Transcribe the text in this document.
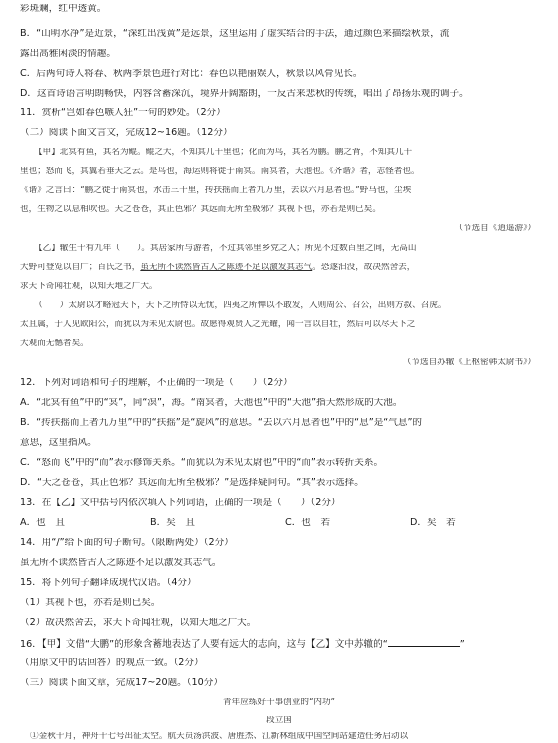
彩斑斓，红中透黄。
B．“山明水净”是近景，“深红出浅黄”是远景，这里运用了虚实结合的手法，通过颜色来描绘秋景，流
露出高雅闲淡的情趣。
C．后两句诗人将春、秋两季景色进行对比：春色以艳丽娱人，秋景以风骨见长。
D．这首诗语言明朗畅快，内容含蓄深沉，境界开阔豁朗，一反古来悲秋的传统，唱出了昂扬乐观的调子。
11．赏析“岂如春色嗾人狂”一句的妙处。（2分）
（二）阅读下面文言文，完成12~16题。（12分）
【甲】北冥有鱼，其名为鲲。鲲之大，不知其几千里也；化而为鸟，其名为鹏。鹏之背，不知其几千
里也；怒而飞，其翼若垂天之云。是鸟也，海运则将徙于南冥。南冥者，天池也。《齐谐》者，志怪者也。
《谐》之言曰：“鹏之徙于南冥也，水击三千里，抟扶摇而上者九万里，去以六月息者也。”野马也，尘埃
也，生物之以息相吹也。天之苍苍，其正色邪？其远而无所至极邪？其视下也，亦若是则已矣。
（节选自《逍遥游》）
【乙】辙生十有九年（　　）。其居家所与游者，不过其邻里乡党之人；所见不过数百里之间，无高山
大野可登览以自广；百氏之书，虽无所不读然皆古人之陈迹不足以激发其志气。恐遂汩没，故决然舍去，
求天下奇闻壮观，以知天地之广大。
（　　）太尉以才略冠天下，天下之所恃以无忧，四夷之所惮以不敢发，入则周公、召公，出则方叔、召虎。
太且属，于人见欧阳公，而犹以为未见太尉也。故愿得观贤人之光耀，闻一言以自壮，然后可以尽天下之
大观而无憾者矣。
（节选自苏辙《上枢密韩太尉书》）
12．下列对词语和句子的理解，不正确的一项是（　　）（2分）
A．“北冥有鱼”中的“冥”，同“溟”，海。“南冥者，天池也”中的“天池”指天然形成的大池。
B．“抟扶摇而上者九万里”中的“扶摇”是“旋风”的意思。“去以六月息者也”中的“息”是“气息”的
意思，这里指风。
C．“怒而飞”中的“而”表示修饰关系。“而犹以为未见太尉也”中的“而”表示转折关系。
D．“天之苍苍，其正色邪？其远而无所至极邪？”是选择疑问句。“其”表示选择。
13．在【乙】文中括号内依次填入下列词语，正确的一项是（　　）（2分）
A．也　且	B．矣　且	C．也　若	D．矣　若
14．用“/”给下面的句子断句。（限断两处）（2分）
虽无所不读然皆古人之陈迹不足以激发其志气。
15．将下列句子翻译成现代汉语。（4分）
（1）其视下也，亦若是则已矣。
（2）故决然舍去，求天下奇闻壮观，以知天地之广大。
16．【甲】文借“大鹏”的形象含蓄地表达了人要有远大的志向，这与【乙】文中苏辙的“	”
（用原文中的话回答）的观点一致。（2分）
（三）阅读下面文章，完成17~20题。（10分）
青年应练好干事创业的“内功”
段立国
①金秋十月，神舟十七号出征太空。航天员汤洪波、唐胜杰、江新林组成中国空间站建造任务启动以
